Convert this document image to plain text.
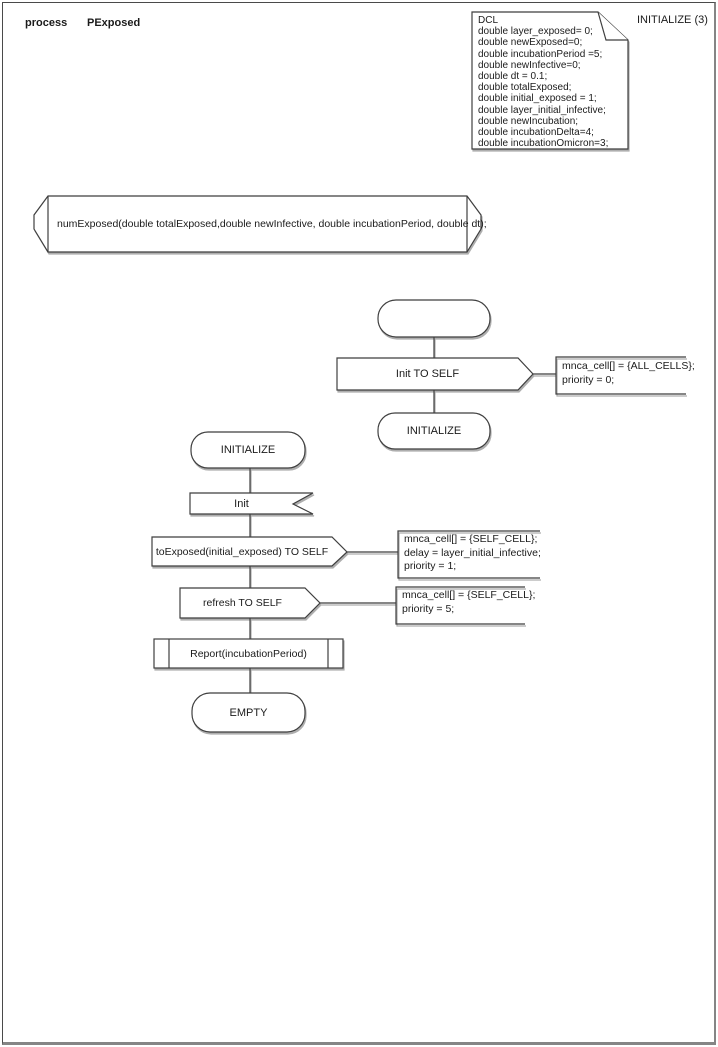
process PExposed	INITIALIZE (3)
DCL
double layer_exposed= 0;
double newExposed=0;
double incubationPeriod =5;
double newInfective=0;
double dt = 0.1;
double totalExposed;
double initial_exposed = 1;
double layer_initial_infective;
double newIncubation;
double incubationDelta=4;
double incubationOmicron=3;
numExposed(double totalExposed,double newInfective, double incubationPeriod, double dt);
Init TO SELF
mnca_cell[] = {ALL_CELLS};
priority = 0;
INITIALIZE
INITIALIZE
Init
toExposed(initial_exposed) TO SELF
mnca_cell[] = {SELF_CELL};
delay = layer_initial_infective;
priority = 1;
refresh TO SELF
mnca_cell[] = {SELF_CELL};
priority = 5;
Report(incubationPeriod)
EMPTY
